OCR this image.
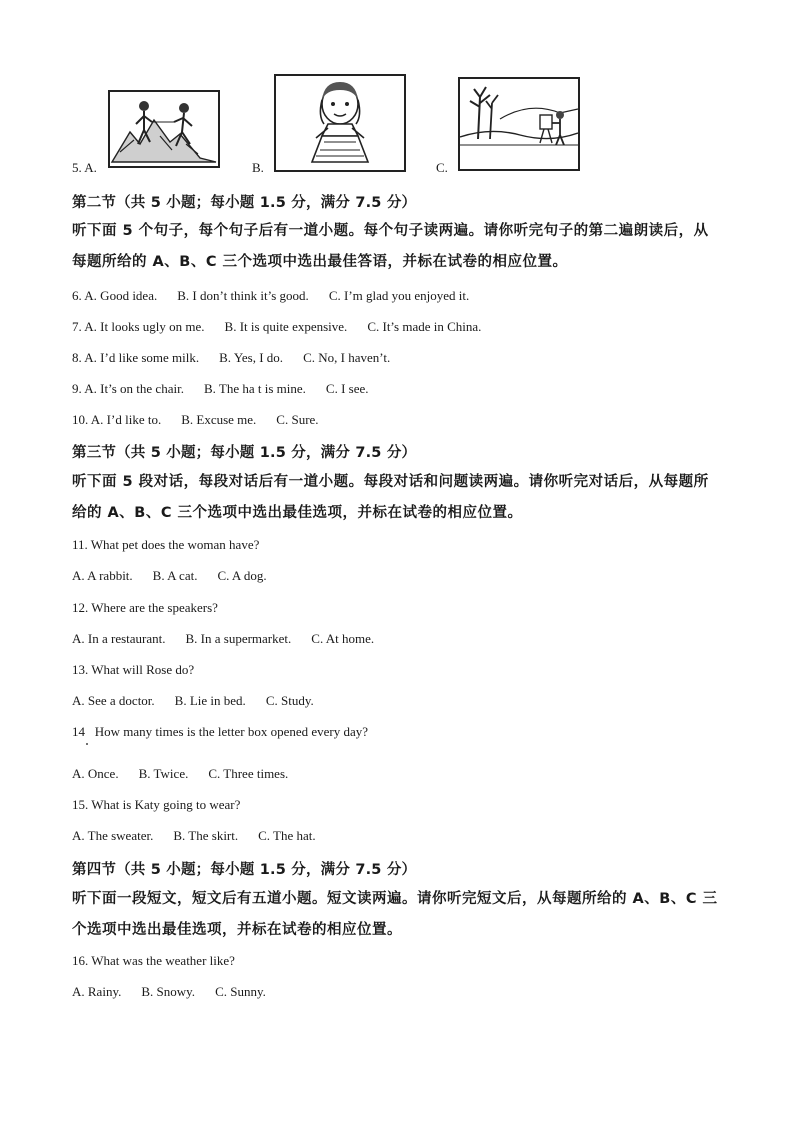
5. A.	B.	C.
第二节（共 5 小题；每小题 1.5 分，满分 7.5 分）
听下面 5 个句子，每个句子后有一道小题。每个句子读两遍。请你听完句子的第二遍朗读后，从每题所给的 A、B、C 三个选项中选出最佳答语，并标在试卷的相应位置。
6. A. Good idea. B. I don’t think it’s good. C. I’m glad you enjoyed it.
7. A. It looks ugly on me. B. It is quite expensive. C. It’s made in China.
8. A. I’d like some milk. B. Yes, I do. C. No, I haven’t.
9. A. It’s on the chair. B. The ha t is mine. C. I see.
10. A. I’d like to. B. Excuse me. C. Sure.
第三节（共 5 小题；每小题 1.5 分，满分 7.5 分）
听下面 5 段对话，每段对话后有一道小题。每段对话和问题读两遍。请你听完对话后，从每题所给的 A、B、C 三个选项中选出最佳选项，并标在试卷的相应位置。
11. What pet does the woman have?
A. A rabbit. B. A cat. C. A dog.
12. Where are the speakers?
A. In a restaurant. B. In a supermarket. C. At home.
13. What will Rose do?
A. See a doctor. B. Lie in bed. C. Study.
14   How many times is the letter box opened every day?
A. Once. B. Twice. C. Three times.
15. What is Katy going to wear?
A. The sweater. B. The skirt. C. The hat.
第四节（共 5 小题；每小题 1.5 分，满分 7.5 分）
听下面一段短文，短文后有五道小题。短文读两遍。请你听完短文后，从每题所给的 A、B、C 三个选项中选出最佳选项，并标在试卷的相应位置。
16. What was the weather like?
A. Rainy. B. Snowy. C. Sunny.
